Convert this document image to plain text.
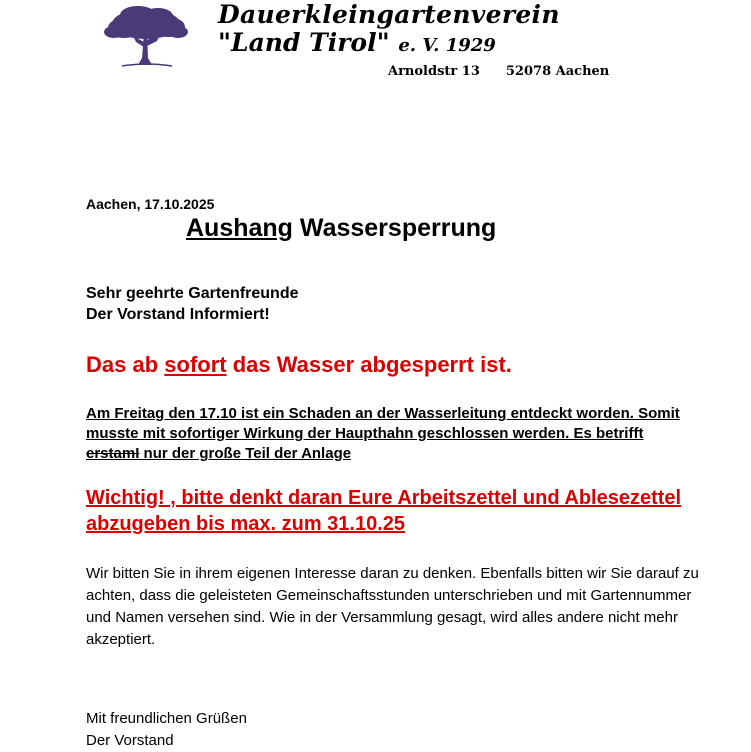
Dauerkleingartenverein
"Land Tirol" e. V. 1929
Arnoldstr 13 52078 Aachen
Aachen, 17.10.2025
Aushang Wassersperrung
Sehr geehrte Gartenfreunde
Der Vorstand Informiert!
Das ab sofort das Wasser abgesperrt ist.
Am Freitag den 17.10 ist ein Schaden an der Wasserleitung entdeckt worden. Somit musste mit sofortiger Wirkung der Haupthahn geschlossen werden. Es betrifft erstamI nur der große Teil der Anlage
Wichtig! , bitte denkt daran Eure Arbeitszettel und Ablesezettel abzugeben bis max. zum 31.10.25
Wir bitten Sie in ihrem eigenen Interesse daran zu denken. Ebenfalls bitten wir Sie darauf zu achten, dass die geleisteten Gemeinschaftsstunden unterschrieben und mit Gartennummer und Namen versehen sind. Wie in der Versammlung gesagt, wird alles andere nicht mehr akzeptiert.
Mit freundlichen Grüßen
Der Vorstand
